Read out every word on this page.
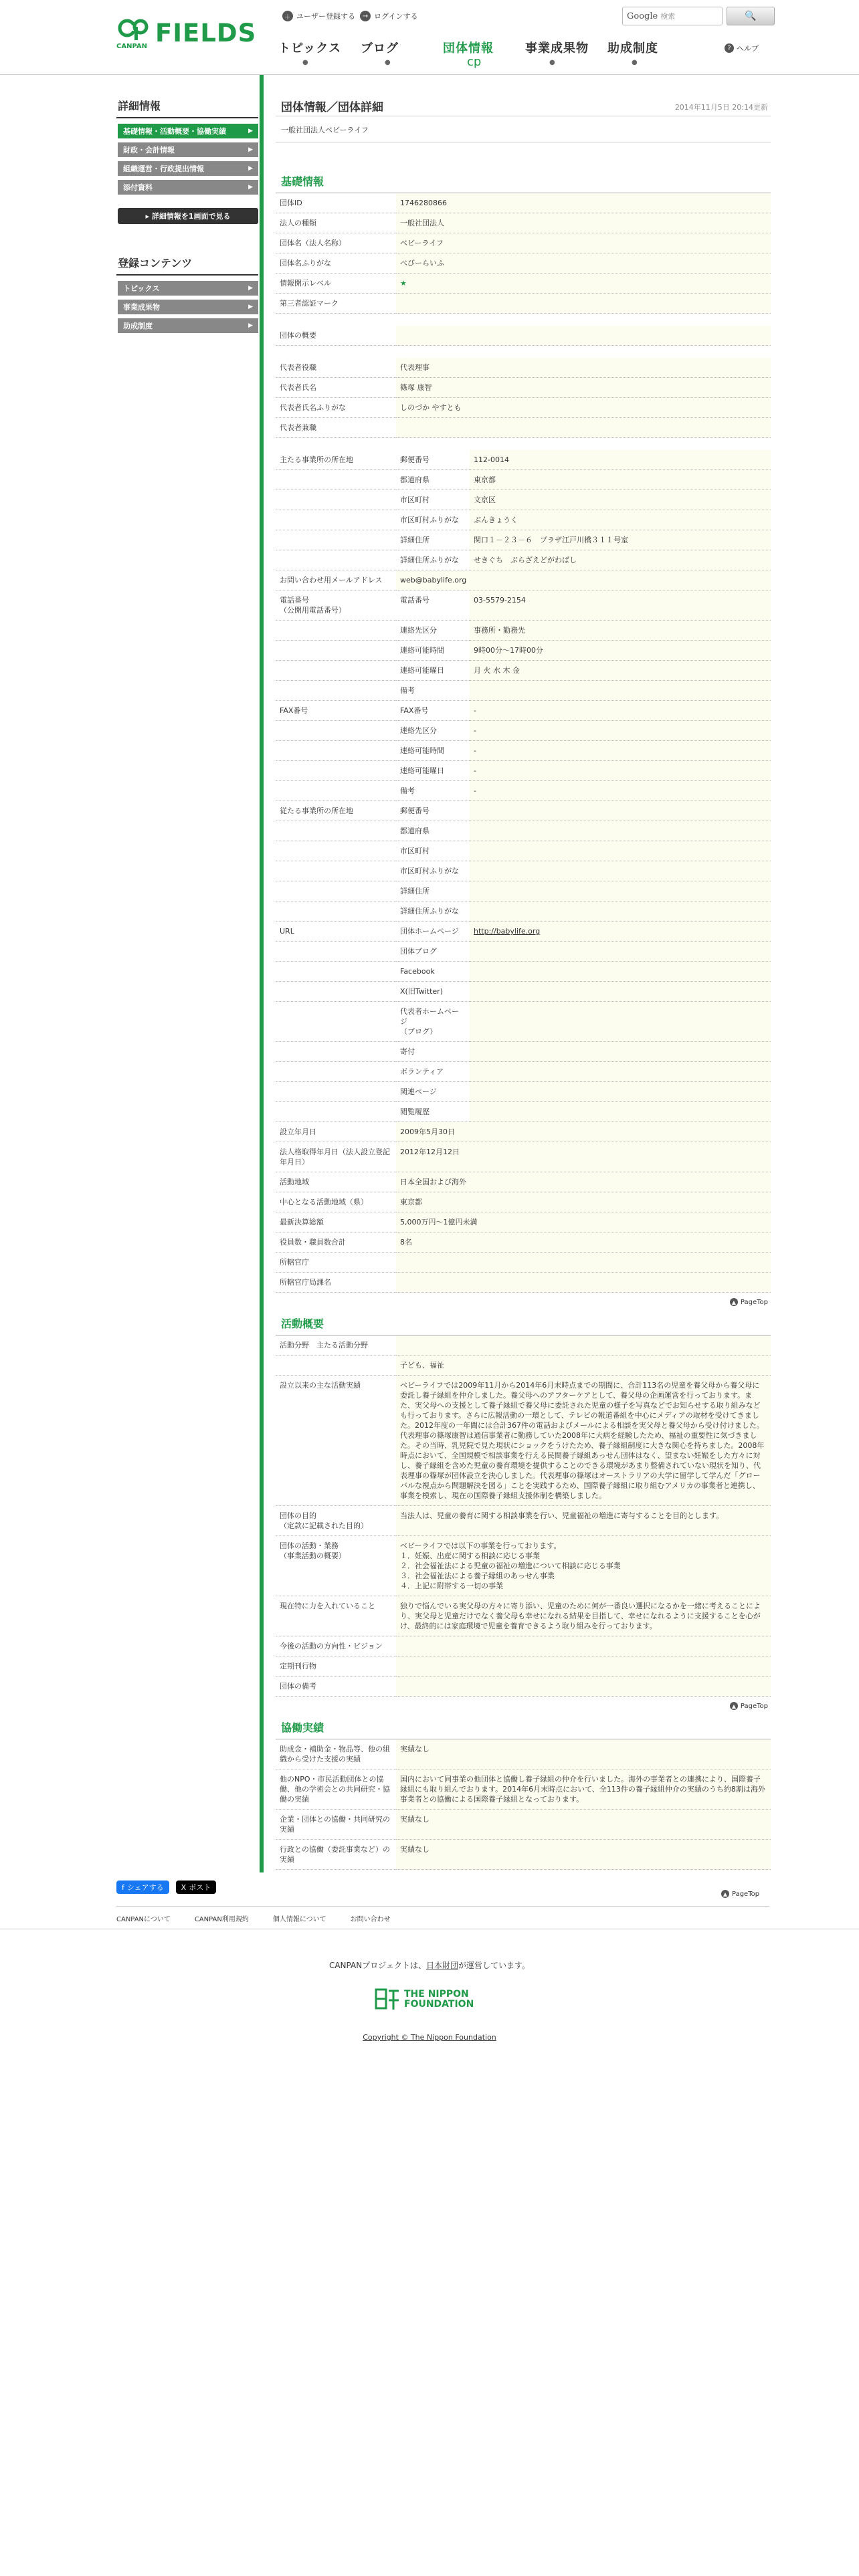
CANPAN FIELDS
＋ ユーザー登録する	→ ログインする	Google 検索	🔍
トピックス
●
ブログ
●
団体情報
cp
事業成果物
●
助成制度
●
? ヘルプ
詳細情報
基礎情報・活動概要・協働実績	▶
財政・会計情報	▶
組織運営・行政提出情報	▶
添付資料	▶
▸ 詳細情報を1画面で見る
登録コンテンツ
トピックス	▶
事業成果物	▶
助成制度	▶
団体情報／団体詳細	2014年11月5日 20:14更新
一般社団法人ベビーライフ
基礎情報
団体ID	1746280866
法人の種類	一般社団法人
団体名（法人名称）	ベビーライフ
団体名ふりがな	べびーらいふ
情報開示レベル	★
第三者認証マーク	
団体の概要	
代表者役職	代表理事
代表者氏名	篠塚 康智
代表者氏名ふりがな	しのづか やすとも
代表者兼職	
主たる事業所の所在地	郵便番号	112-0014
	都道府県	東京都
	市区町村	文京区
	市区町村ふりがな	ぶんきょうく
	詳細住所	関口１－２３－６　プラザ江戸川橋３１１号室
	詳細住所ふりがな	せきぐち　ぷらざえどがわばし
お問い合わせ用メールアドレス	web@babylife.org
電話番号
（公開用電話番号）	電話番号	03-5579-2154
	連絡先区分	事務所・勤務先
	連絡可能時間	9時00分～17時00分
	連絡可能曜日	月 火 水 木 金
	備考	
FAX番号	FAX番号	-
	連絡先区分	-
	連絡可能時間	-
	連絡可能曜日	-
	備考	-
従たる事業所の所在地	郵便番号	
	都道府県	
	市区町村	
	市区町村ふりがな	
	詳細住所	
	詳細住所ふりがな	
URL	団体ホームページ	http://babylife.org
	団体ブログ	
	Facebook	
	X(旧Twitter)	
	代表者ホームページ
（ブログ）	
	寄付	
	ボランティア	
	関連ページ	
	閲覧履歴	
設立年月日	2009年5月30日
法人格取得年月日（法人設立登記年月日）	2012年12月12日
活動地域	日本全国および海外
中心となる活動地域（県）	東京都
最新決算総額	5,000万円～1億円未満
役員数・職員数合計	8名
所轄官庁	
所轄官庁局課名	
▲ PageTop
活動概要
活動分野　 主たる活動分野	
	子ども、福祉
設立以来の主な活動実績	ベビーライフでは2009年11月から2014年6月末時点までの期間に、合計113名の児童を養父母から養父母に委託し養子縁組を仲介しました。養父母へのアフターケアとして、養父母の企画運営を行っております。また、実父母への支援として養子縁組で養父母に委託された児童の様子を写真などでお知らせする取り組みなども行っております。さらに広報活動の一環として、テレビの報道番組を中心にメディアの取材を受けてきました。2012年度の一年間には合計367件の電話およびメールによる相談を実父母と養父母から受け付けました。
代表理事の篠塚康智は通信事業者に勤務していた2008年に大病を経験したため、福祉の重要性に気づきました。その当時、乳児院で見た現状にショックをうけたため、養子縁組制度に大きな関心を持ちました。2008年時点において、全国規模で相談事業を行える民間養子縁組あっせん団体はなく、望まない妊娠をした方々に対し、養子縁組を含めた児童の養育環境を提供することのできる環境があまり整備されていない現状を知り、代表理事の篠塚が団体設立を決心しました。代表理事の篠塚はオーストラリアの大学に留学して学んだ「グローバルな視点から問題解決を図る」ことを実践するため、国際養子縁組に取り組むアメリカの事業者と連携し、事業を模索し、現在の国際養子縁組支援体制を構築しました。
団体の目的
（定款に記載された目的）	当法人は、児童の養育に関する相談事業を行い、児童福祉の増進に寄与することを目的とします。
団体の活動・業務
（事業活動の概要）	ベビーライフでは以下の事業を行っております。
１．妊娠、出産に関する相談に応じる事業
２．社会福祉法による児童の福祉の増進について相談に応じる事業
３．社会福祉法による養子縁組のあっせん事業
４．上記に附帯する一切の事業
現在特に力を入れていること	独りで悩んでいる実父母の方々に寄り添い、児童のために何が一番良い選択になるかを一緒に考えることにより、実父母と児童だけでなく養父母も幸せになれる結果を目指して、幸せになれるように支援することを心がけ、最終的には家庭環境で児童を養育できるよう取り組みを行っております。
今後の活動の方向性・ビジョン	
定期刊行物	
団体の備考	
▲ PageTop
協働実績
助成金・補助金・物品等、他の組織から受けた支援の実績	実績なし
他のNPO・市民活動団体との協働、他の学術会との共同研究・協働の実績	国内において同事業の他団体と協働し養子縁組の仲介を行いました。海外の事業者との連携により、国際養子縁組にも取り組んでおります。2014年6月末時点において、全113件の養子縁組仲介の実績のうち約8割は海外事業者との協働による国際養子縁組となっております。
企業・団体との協働・共同研究の実績	実績なし
行政との協働（委託事業など）の実績	実績なし
f シェアする X ポスト
▲ PageTop
CANPANについて	CANPAN利用規約	個人情報について	お問い合わせ
CANPANプロジェクトは、日本財団が運営しています。
THE NIPPON
FOUNDATION
Copyright © The Nippon Foundation
